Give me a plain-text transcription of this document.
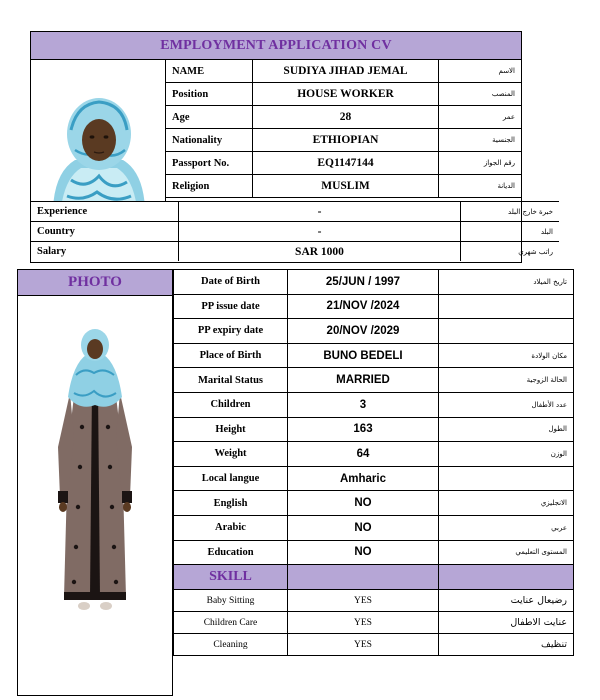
EMPLOYMENT APPLICATION CV
NAME	SUDIYA JIHAD JEMAL	الاسم
Position	HOUSE WORKER	المنصب
Age	28	عمر
Nationality	ETHIOPIAN	الجنسية
Passport No.	EQ1147144	رقم الجواز
Religion	MUSLIM	الديانة
Experience	-	خبرة خارج البلد
Country	-	البلد
Salary	SAR 1000	راتب شهري
PHOTO	Date of Birth	25/JUN / 1997	تاريخ الميلاد
PP issue date	21/NOV /2024	
PP expiry date	20/NOV /2029	
Place of Birth	BUNO BEDELI	مكان الولادة
Marital Status	MARRIED	الحالة الزوجية
Children	3	عدد الأطفال
Height	163	الطول
Weight	64	الوزن
Local langue	Amharic	
English	NO	الانجليزي
Arabic	NO	عربي
Education	NO	المستوى التعليمي
SKILL		
Baby Sitting	YES	رضيعال عنايت
Children Care	YES	عنايت الاطفال
Cleaning	YES	تنظيف
